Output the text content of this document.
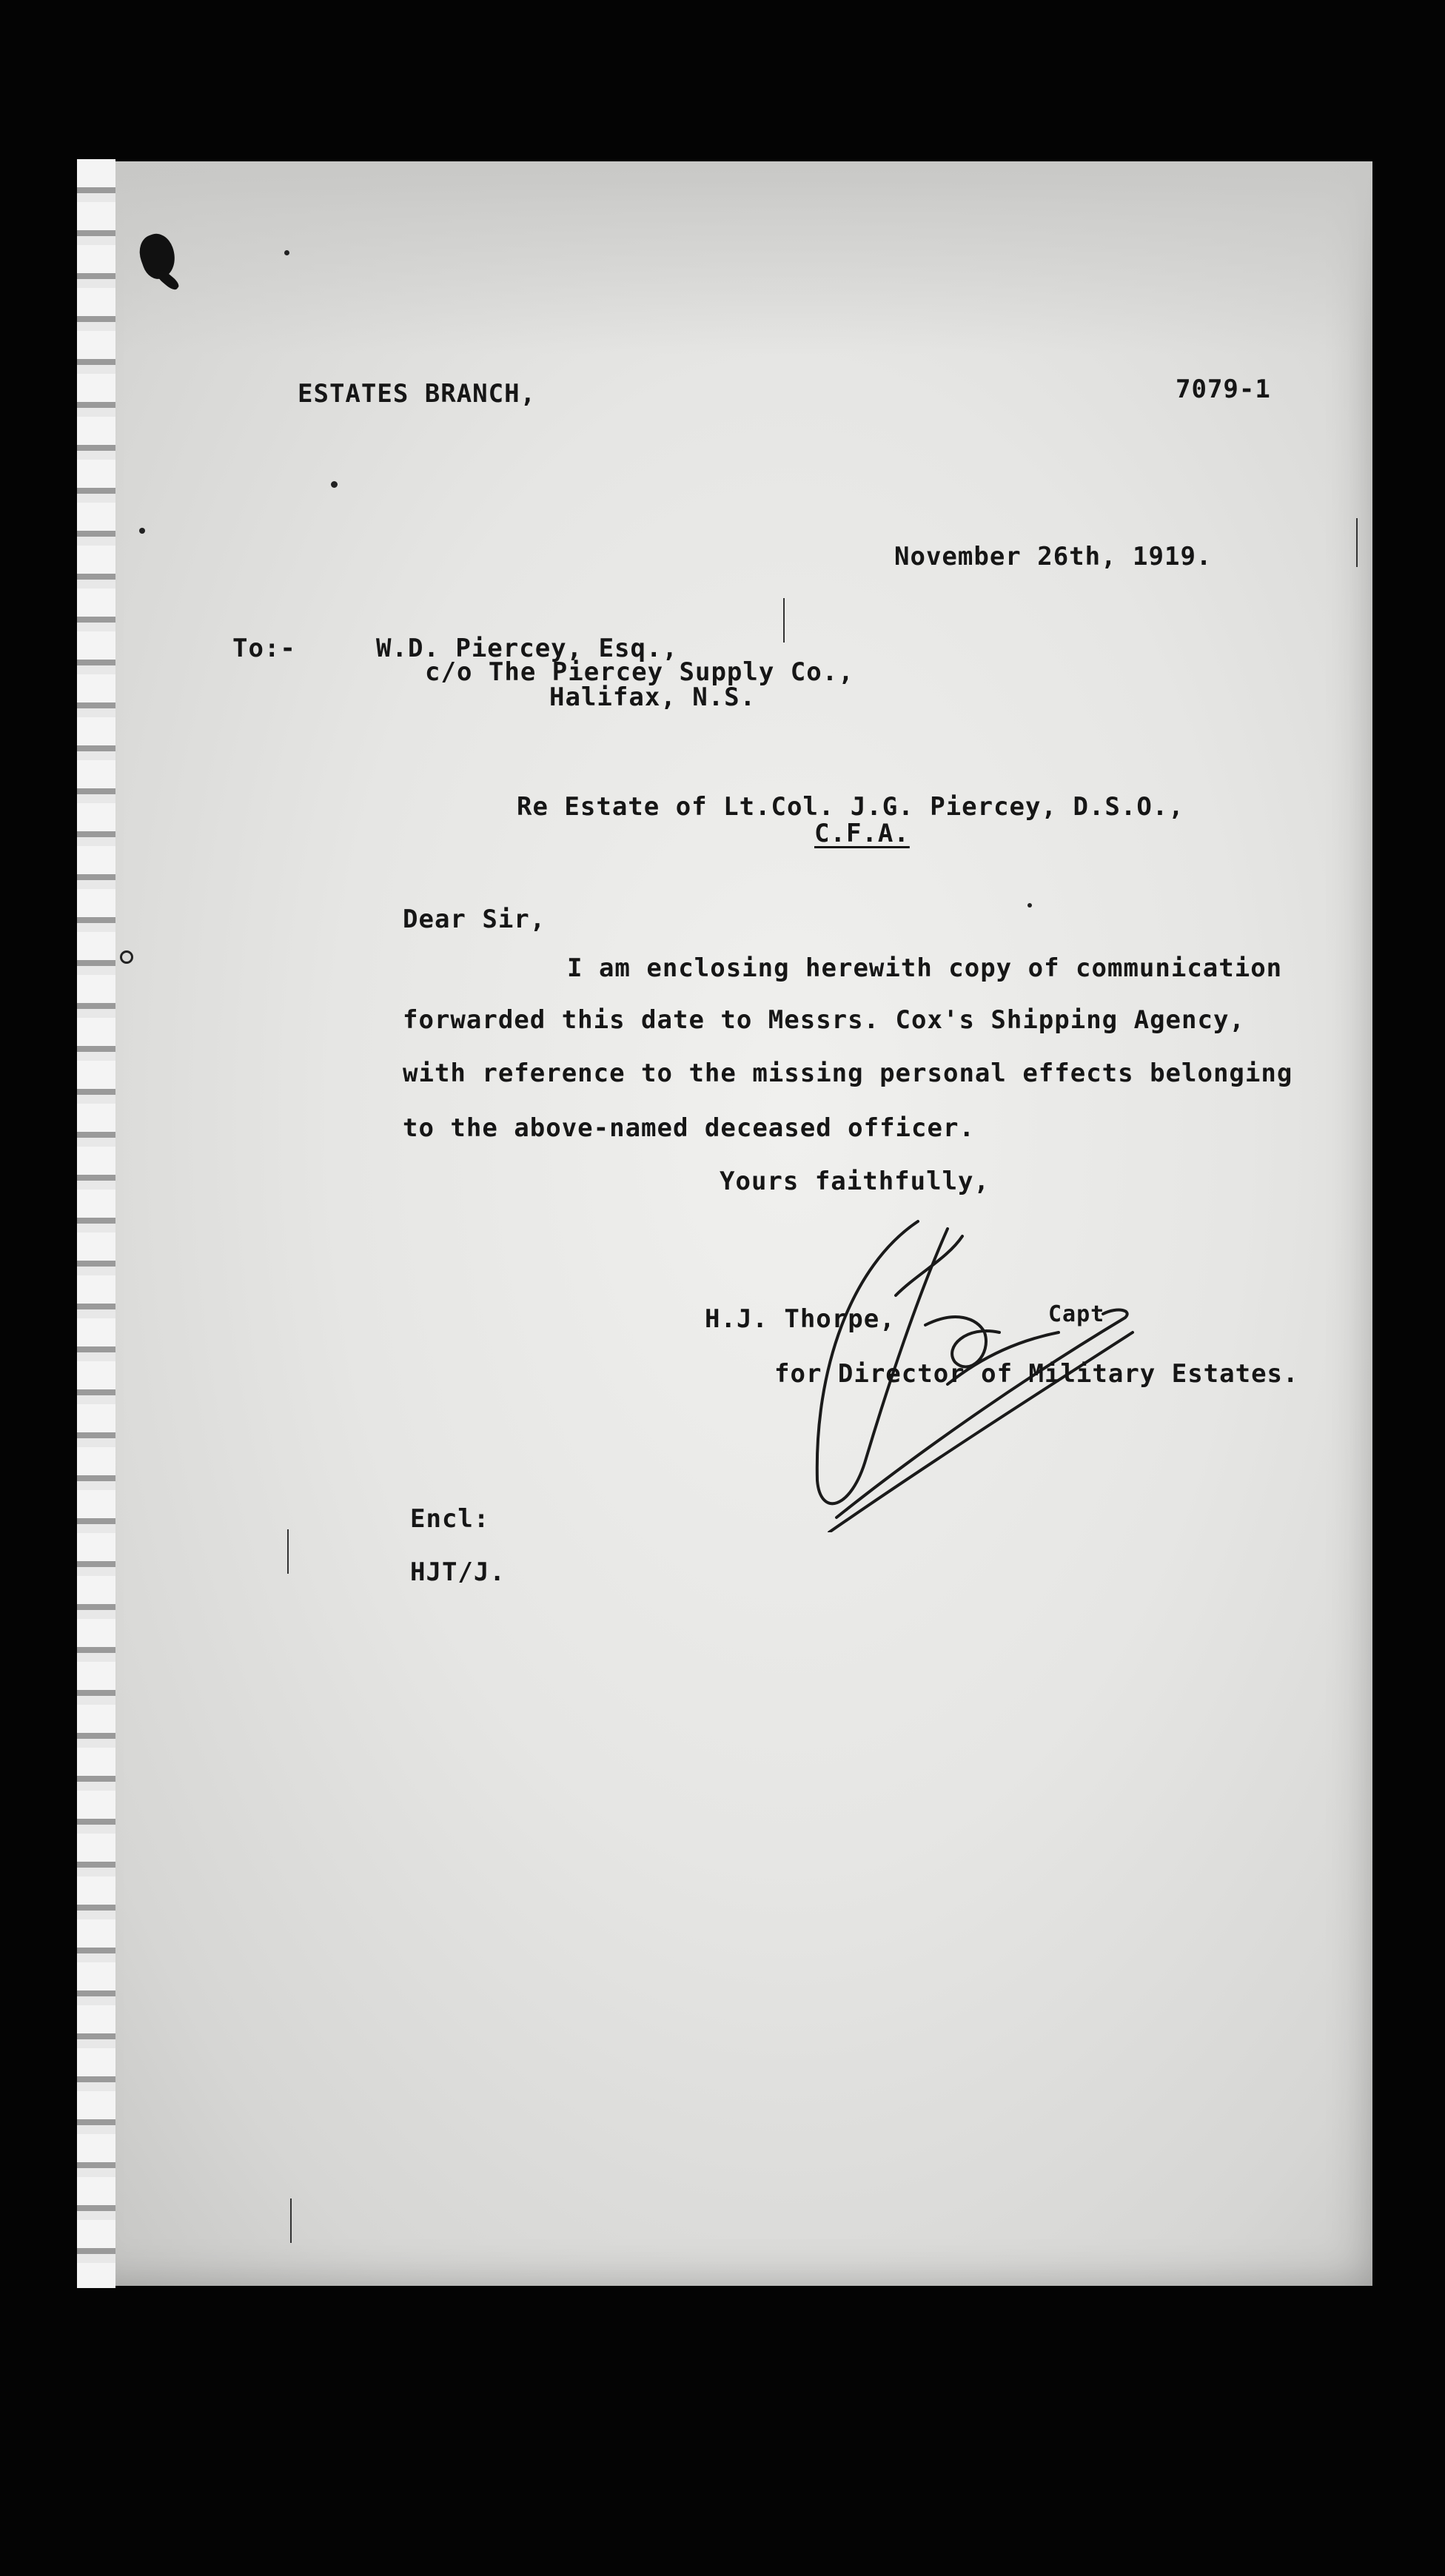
ESTATES BRANCH,	7079-1
November 26th, 1919.
To:-	W.D. Piercey, Esq.,
c/o The Piercey Supply Co.,
Halifax, N.S.
Re Estate of Lt.Col. J.G. Piercey, D.S.O.,
C.F.A.
Dear Sir,
I am enclosing herewith copy of communication
forwarded this date to Messrs. Cox's Shipping Agency,
with reference to the missing personal effects belonging
to the above-named deceased officer.
Yours faithfully,
H.J. Thorpe,	Capt
for Director of Military Estates.
Encl:
HJT/J.
